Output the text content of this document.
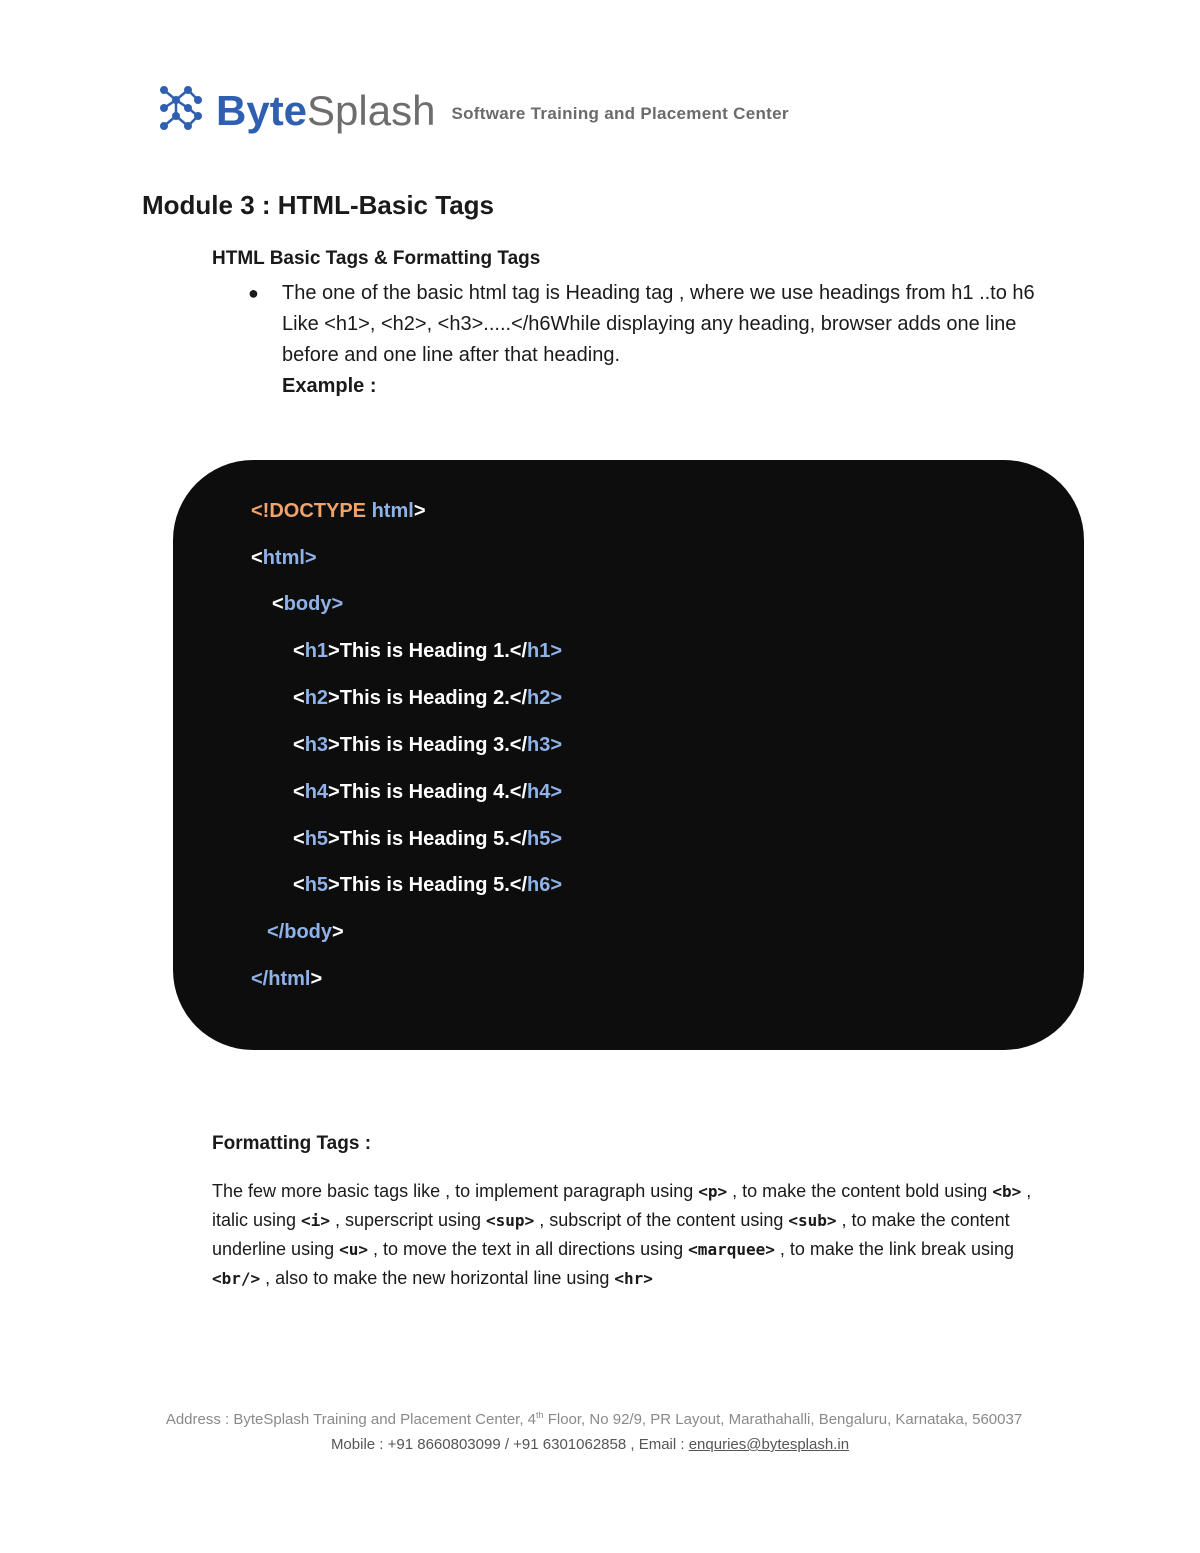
ByteSplash Software Training and Placement Center
Module 3 : HTML-Basic Tags
HTML Basic Tags & Formatting Tags
● The one of the basic html tag is Heading tag , where we use headings from h1 ..to h6
Like <h1>, <h2>, <h3>.....</h6While displaying any heading, browser adds one line before and one line after that heading.
Example :
<!DOCTYPE html>
<html>
<body>
<h1>This is Heading 1.</h1>
<h2>This is Heading 2.</h2>
<h3>This is Heading 3.</h3>
<h4>This is Heading 4.</h4>
<h5>This is Heading 5.</h5>
<h5>This is Heading 5.</h6>
</body>
</html>
Formatting Tags :
The few more basic tags like , to implement paragraph using <p> , to make the content bold using <b> , italic using <i> , superscript using <sup> , subscript of the content using <sub> , to make the content underline using <u> , to move the text in all directions using <marquee> , to make the link break using <br/> , also to make the new horizontal line using <hr>
Address : ByteSplash Training and Placement Center, 4th Floor, No 92/9, PR Layout, Marathahalli, Bengaluru, Karnataka, 560037
Mobile : +91 8660803099 / +91 6301062858 , Email : enquries@bytesplash.in
